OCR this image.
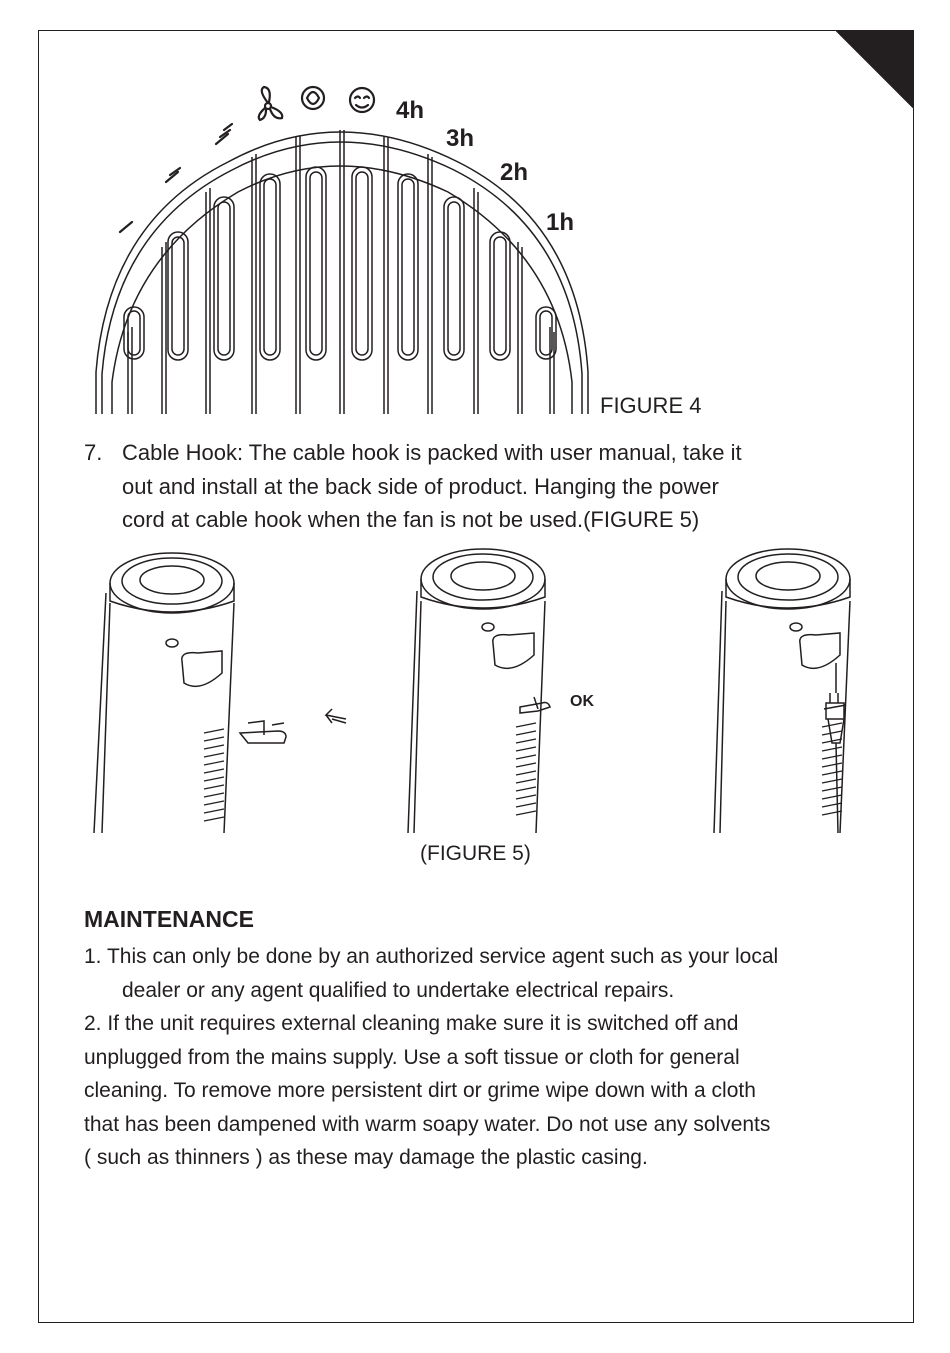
4h
3h
2h
1h
FIGURE 4
7. Cable Hook: The cable hook is packed with user manual, take it
out and install at the back side of product. Hanging the power
cord at cable hook when the fan is not be used.(FIGURE 5)
OK
(FIGURE 5)
MAINTENANCE
1. This can only be done by an authorized service agent such as your local
dealer or any agent qualified to undertake electrical repairs.
2. If the unit requires external cleaning make sure it is switched off and
unplugged from the mains supply. Use a soft tissue or cloth for general
cleaning. To remove more persistent dirt or grime wipe down with a cloth
that has been dampened with warm soapy water. Do not use any solvents
( such as thinners ) as these may damage the plastic casing.
